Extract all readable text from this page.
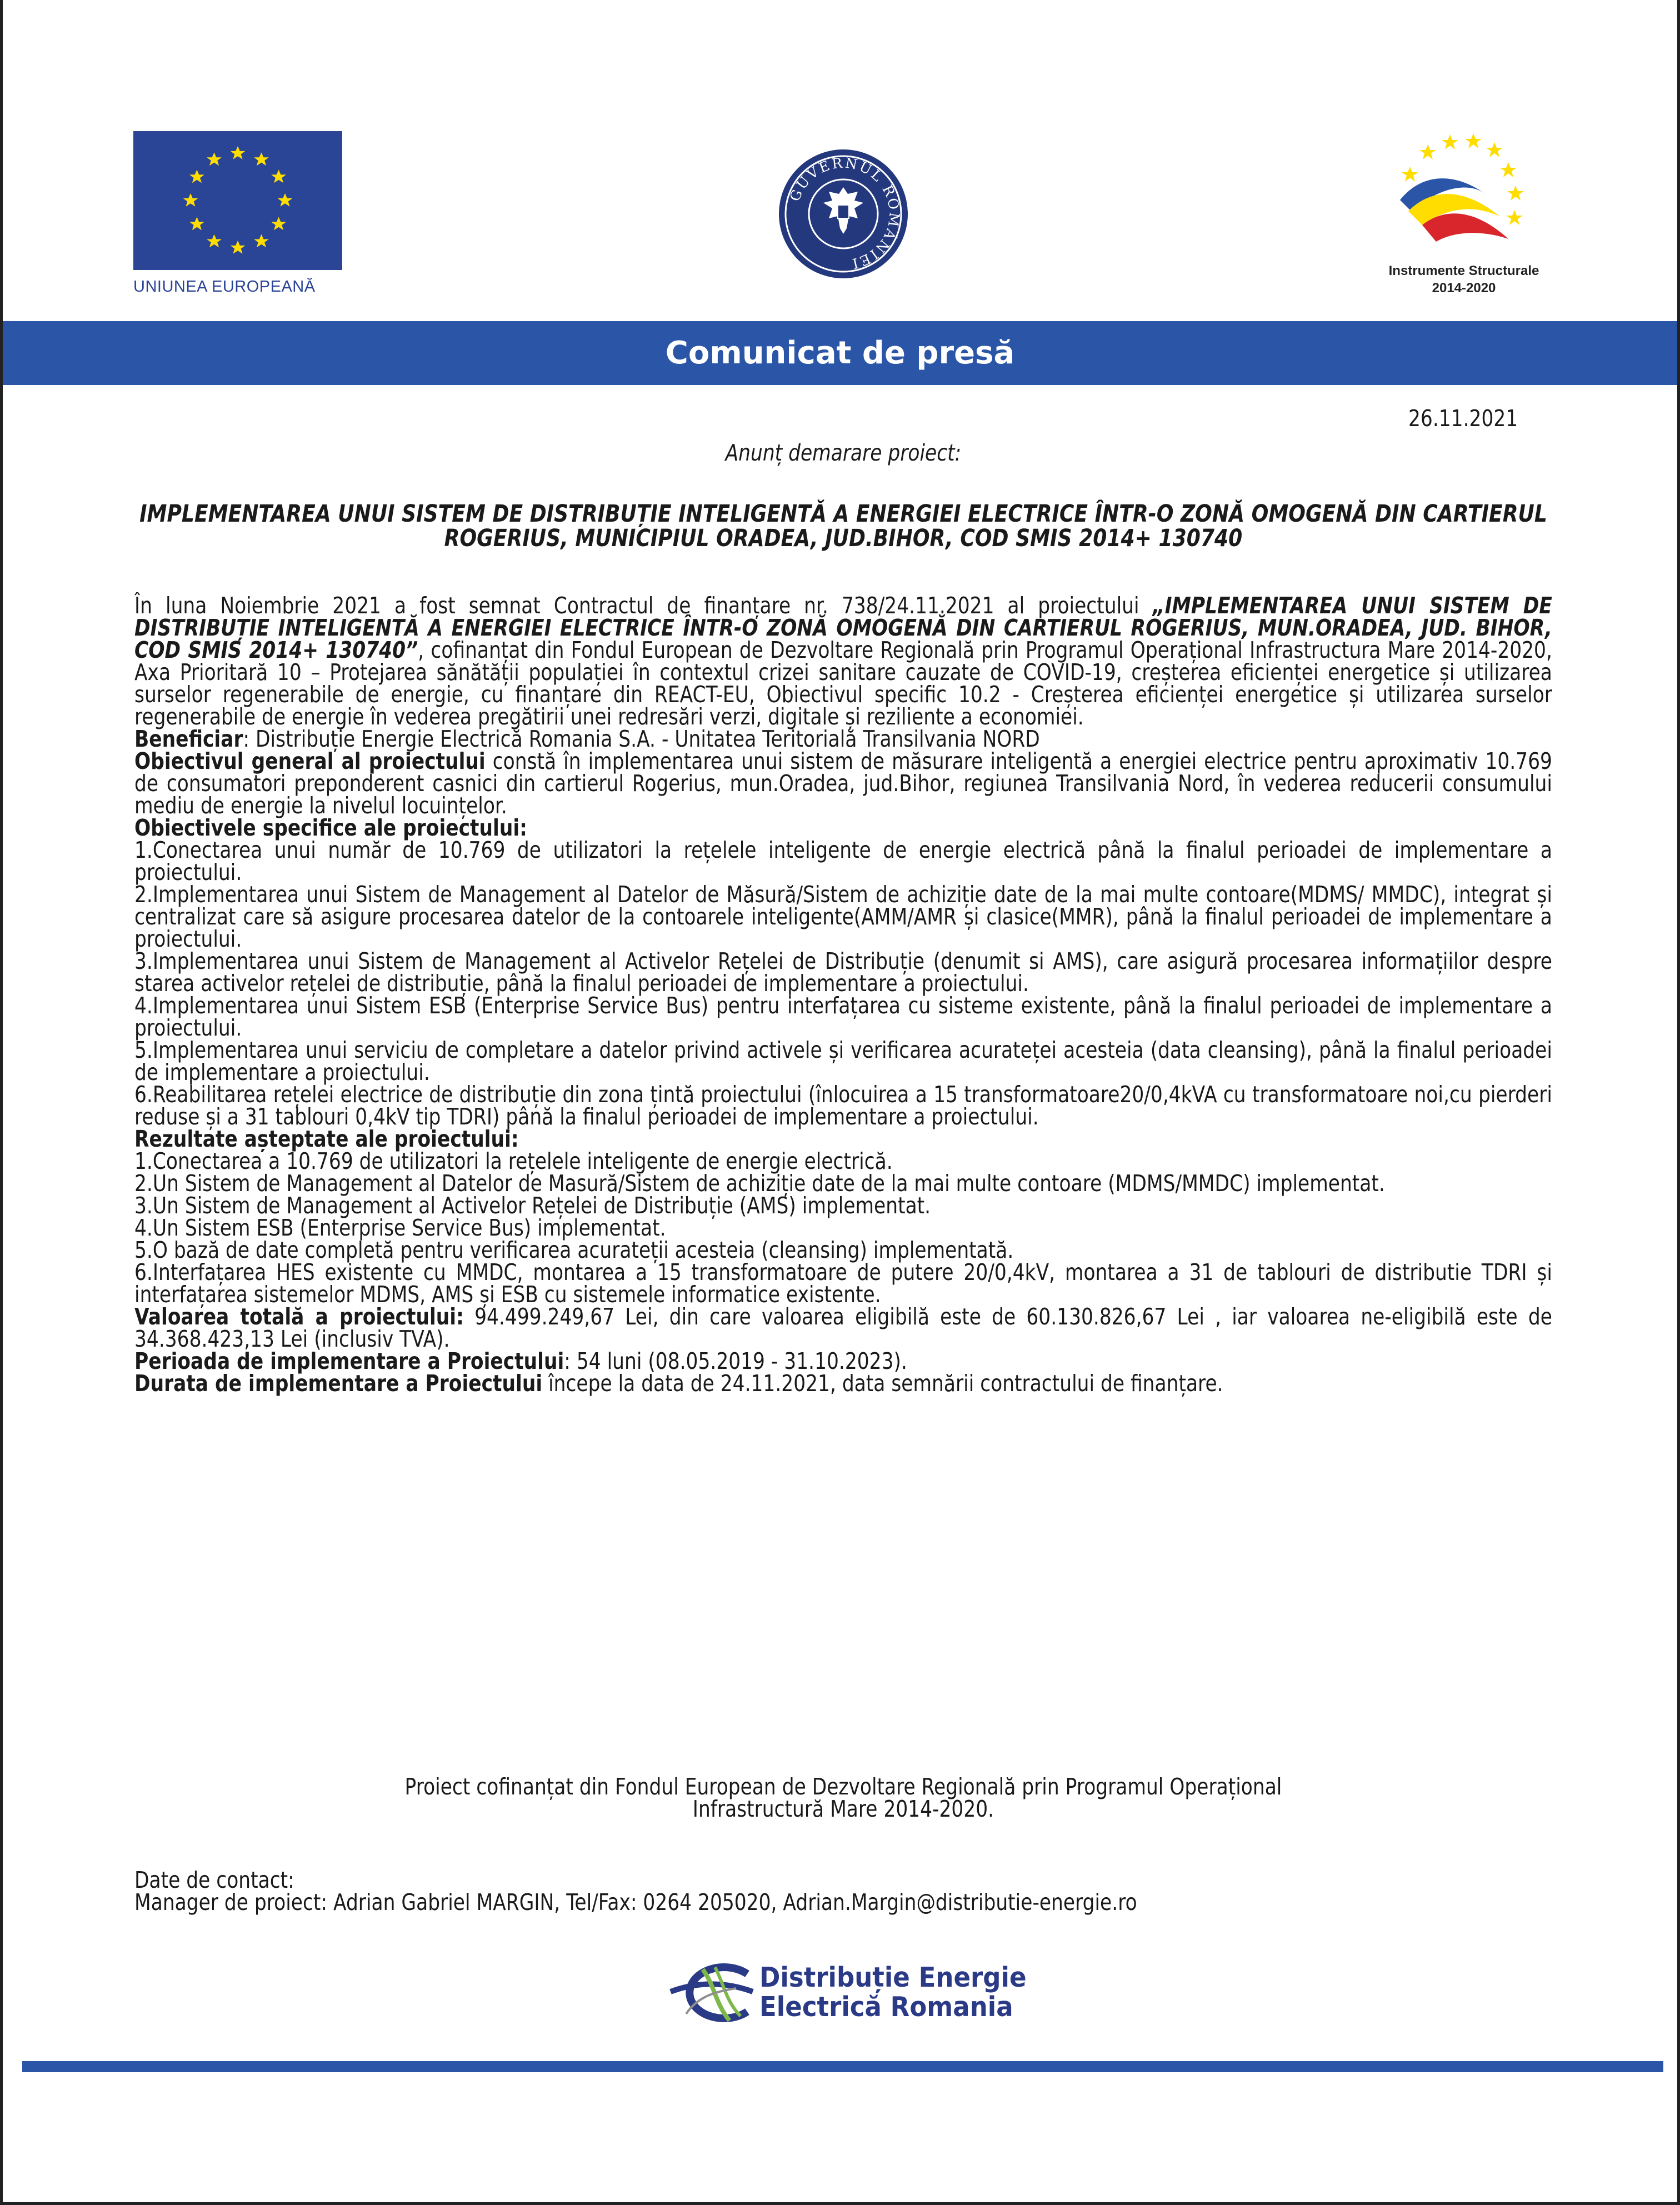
UNIUNEA EUROPEANĂ
GUVERNUL ROMÂNIEI	Instrumente Structurale
2014-2020
Comunicat de presă
26.11.2021
Anunț demarare proiect:
IMPLEMENTAREA UNUI SISTEM DE DISTRIBUȚIE INTELIGENTĂ A ENERGIEI ELECTRICE ÎNTR-O ZONĂ OMOGENĂ DIN CARTIERUL ROGERIUS, MUNICIPIUL ORADEA, JUD.BIHOR, COD SMIS 2014+ 130740

În luna Noiembrie 2021 a fost semnat Contractul de finanțare nr. 738/24.11.2021 al proiectului „IMPLEMENTAREA UNUI SISTEM DE DISTRIBUȚIE INTELIGENTĂ A ENERGIEI ELECTRICE ÎNTR-O ZONĂ OMOGENĂ DIN CARTIERUL ROGERIUS, MUN.ORADEA, JUD. BIHOR, COD SMIS 2014+ 130740”, cofinanțat din Fondul European de Dezvoltare Regională prin Programul Operațional Infrastructura Mare 2014-2020, Axa Prioritară 10 – Protejarea sănătății populației în contextul crizei sanitare cauzate de COVID-19, creșterea eficienței energetice și utilizarea surselor regenerabile de energie, cu finanțare din REACT-EU, Obiectivul specific 10.2 - Creșterea eficienței energetice și utilizarea surselor regenerabile de energie în vederea pregătirii unei redresări verzi, digitale și reziliente a economiei.

Beneficiar: Distribuție Energie Electrică Romania S.A. - Unitatea Teritorială Transilvania NORD

Obiectivul general al proiectului constă în implementarea unui sistem de măsurare inteligentă a energiei electrice pentru aproximativ 10.769 de consumatori preponderent casnici din cartierul Rogerius, mun.Oradea, jud.Bihor, regiunea Transilvania Nord, în vederea reducerii consumului mediu de energie la nivelul locuințelor.

Obiectivele specifice ale proiectului:

1.Conectarea unui număr de 10.769 de utilizatori la rețelele inteligente de energie electrică până la finalul perioadei de implementare a proiectului.

2.Implementarea unui Sistem de Management al Datelor de Măsură/Sistem de achiziție date de la mai multe contoare(MDMS/ MMDC), integrat și centralizat care să asigure procesarea datelor de la contoarele inteligente(AMM/AMR și clasice(MMR), până la finalul perioadei de implementare a proiectului.

3.Implementarea unui Sistem de Management al Activelor Rețelei de Distribuție (denumit si AMS), care asigură procesarea informațiilor despre starea activelor rețelei de distribuție, până la finalul perioadei de implementare a proiectului.

4.Implementarea unui Sistem ESB (Enterprise Service Bus) pentru interfațarea cu sisteme existente, până la finalul perioadei de implementare a proiectului.

5.Implementarea unui serviciu de completare a datelor privind activele și verificarea acurateței acesteia (data cleansing), până la finalul perioadei de implementare a proiectului.

6.Reabilitarea rețelei electrice de distribuție din zona țintă proiectului (înlocuirea a 15 transformatoare20/0,4kVA cu transformatoare noi,cu pierderi reduse și a 31 tablouri 0,4kV tip TDRI) până la finalul perioadei de implementare a proiectului.

Rezultate așteptate ale proiectului:

1.Conectarea a 10.769 de utilizatori la rețelele inteligente de energie electrică.

2.Un Sistem de Management al Datelor de Masură/Sistem de achiziție date de la mai multe contoare (MDMS/MMDC) implementat.

3.Un Sistem de Management al Activelor Rețelei de Distribuție (AMS) implementat.

4.Un Sistem ESB (Enterprise Service Bus) implementat.

5.O bază de date completă pentru verificarea acurateții acesteia (cleansing) implementată.

6.Interfațarea HES existente cu MMDC, montarea a 15 transformatoare de putere 20/0,4kV, montarea a 31 de tablouri de distributie TDRI și interfațarea sistemelor MDMS, AMS și ESB cu sistemele informatice existente.

Valoarea totală a proiectului: 94.499.249,67 Lei, din care valoarea eligibilă este de 60.130.826,67 Lei , iar valoarea ne-eligibilă este de 34.368.423,13 Lei (inclusiv TVA).

Perioada de implementare a Proiectului: 54 luni (08.05.2019 - 31.10.2023).

Durata de implementare a Proiectului începe la data de 24.11.2021, data semnării contractului de finanțare.

Proiect cofinanțat din Fondul European de Dezvoltare Regională prin Programul Operațional
Infrastructură Mare 2014-2020.

Date de contact:

Manager de proiect: Adrian Gabriel MARGIN, Tel/Fax: 0264 205020, Adrian.Margin@distributie-energie.ro

Distribuție Energie
Electrică Romania
